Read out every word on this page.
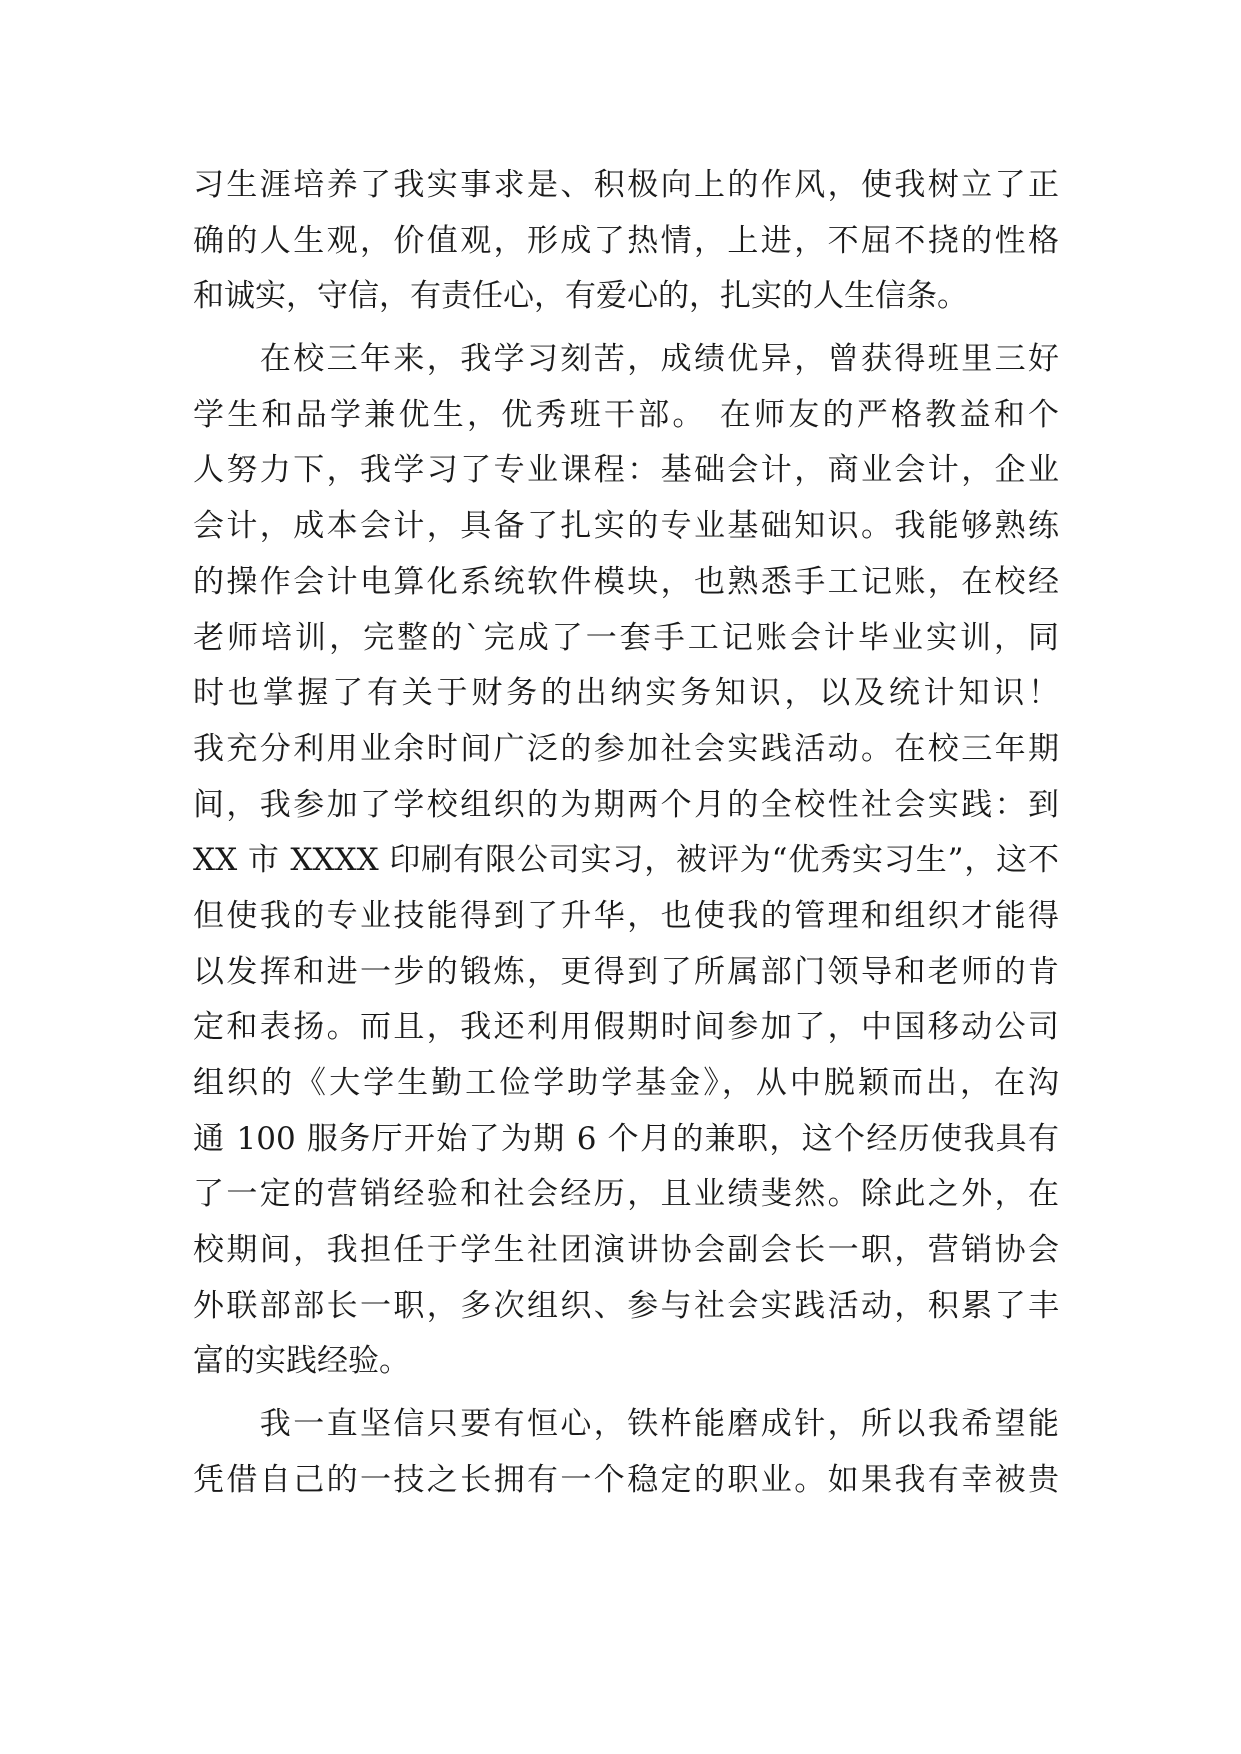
习生涯培养了我实事求是、积极向上的作风，使我树立了正
确的人生观，价值观，形成了热情，上进，不屈不挠的性格
和诚实，守信，有责任心，有爱心的，扎实的人生信条。
　　在校三年来，我学习刻苦，成绩优异，曾获得班里三好
学生和品学兼优生，优秀班干部。 在师友的严格教益和个
人努力下，我学习了专业课程：基础会计，商业会计，企业
会计，成本会计，具备了扎实的专业基础知识。我能够熟练
的操作会计电算化系统软件模块，也熟悉手工记账，在校经
老师培训，完整的`完成了一套手工记账会计毕业实训，同
时也掌握了有关于财务的出纳实务知识，以及统计知识！
我充分利用业余时间广泛的参加社会实践活动。在校三年期
间，我参加了学校组织的为期两个月的全校性社会实践：到
XX 市 XXXX 印刷有限公司实习，被评为“优秀实习生”，这不
但使我的专业技能得到了升华，也使我的管理和组织才能得
以发挥和进一步的锻炼，更得到了所属部门领导和老师的肯
定和表扬。而且，我还利用假期时间参加了，中国移动公司
组织的《大学生勤工俭学助学基金》，从中脱颖而出，在沟
通 100 服务厅开始了为期 6 个月的兼职，这个经历使我具有
了一定的营销经验和社会经历，且业绩斐然。除此之外，在
校期间，我担任于学生社团演讲协会副会长一职，营销协会
外联部部长一职，多次组织、参与社会实践活动，积累了丰
富的实践经验。
　　我一直坚信只要有恒心，铁杵能磨成针，所以我希望能
凭借自己的一技之长拥有一个稳定的职业。如果我有幸被贵
